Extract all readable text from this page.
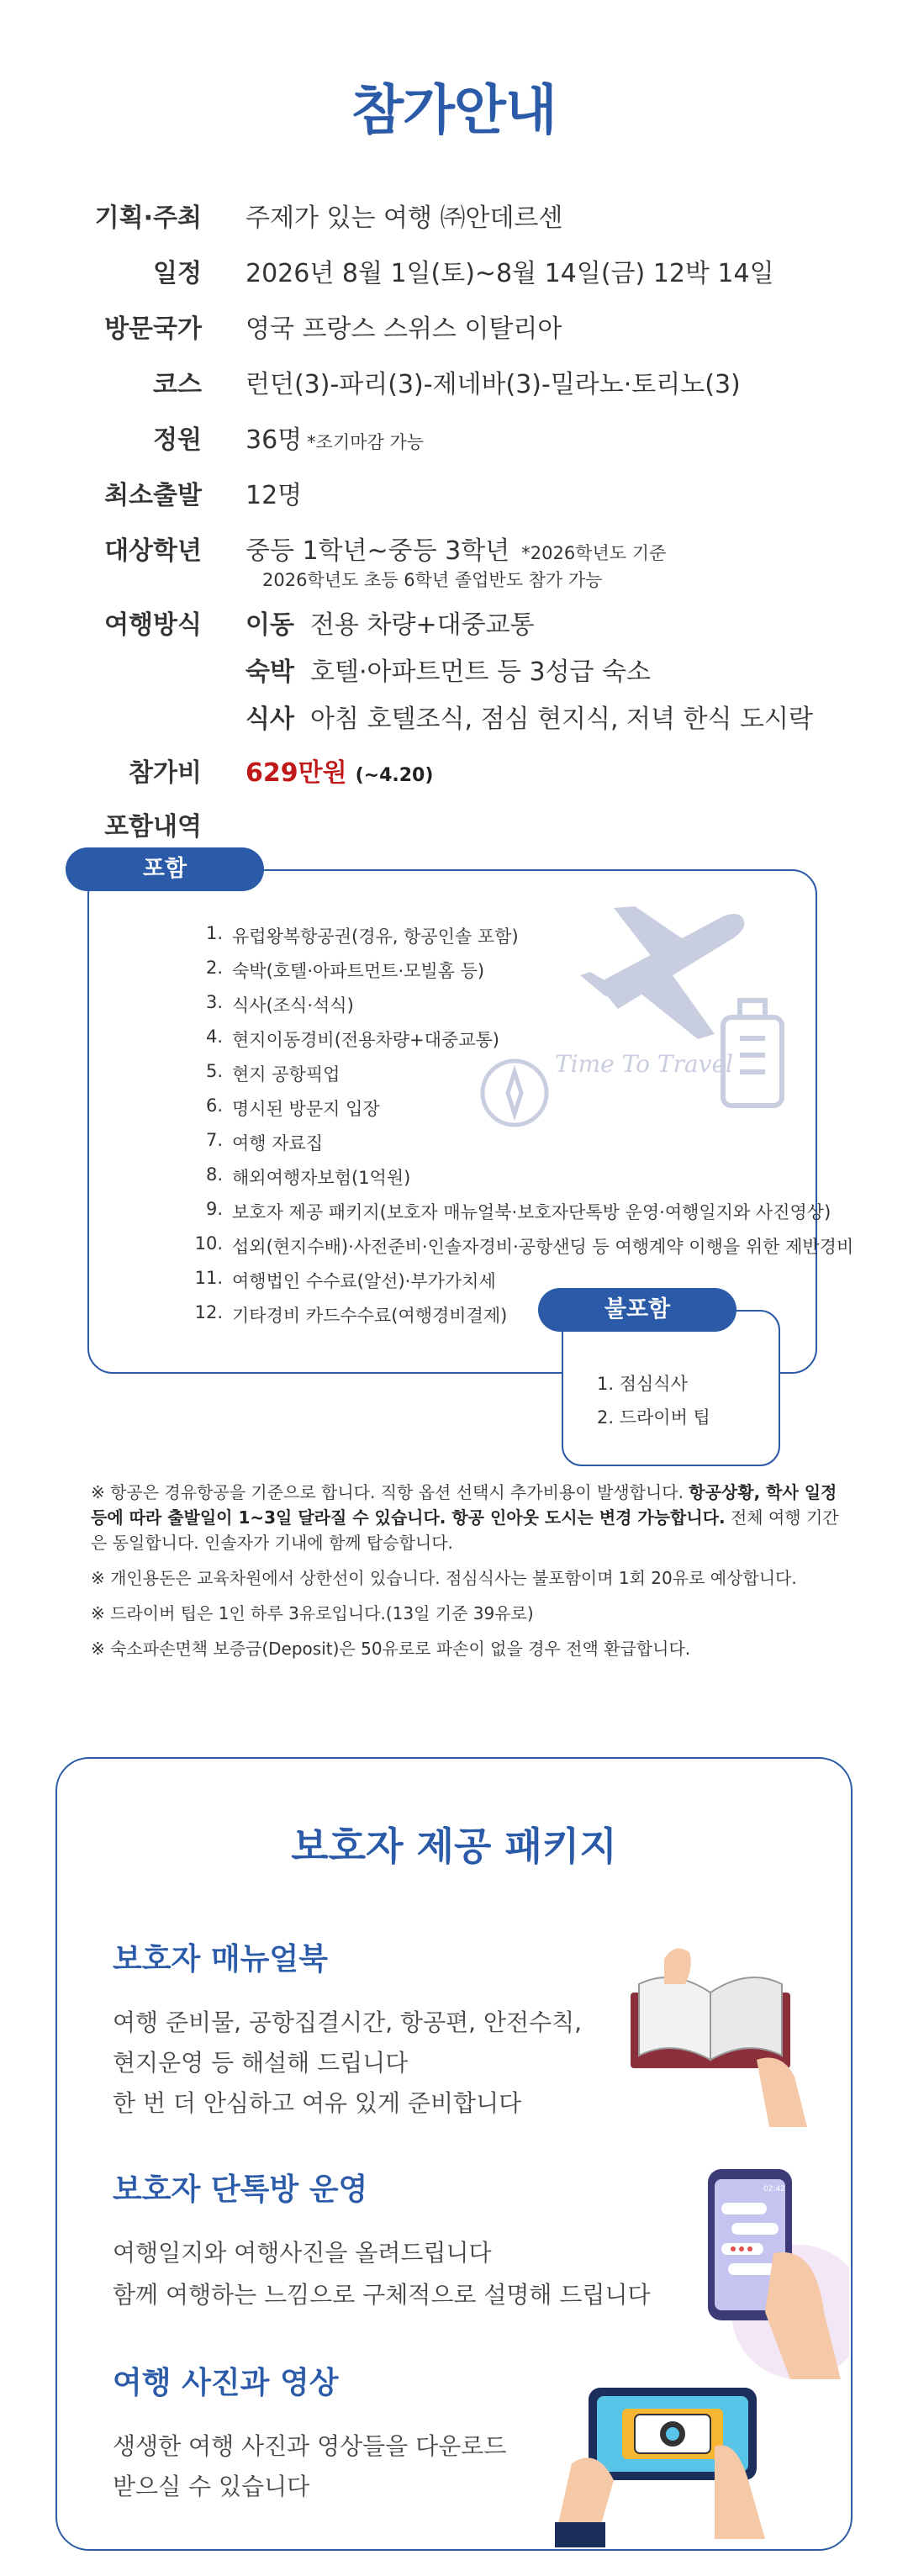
참가안내
기획·주최 주제가 있는 여행 ㈜안데르센
일정 2026년 8월 1일(토)~8월 14일(금) 12박 14일
방문국가 영국 프랑스 스위스 이탈리아
코스 런던(3)-파리(3)-제네바(3)-밀라노·토리노(3)
정원 36명 *조기마감 가능
최소출발 12명
대상학년 중등 1학년~중등 3학년 *2026학년도 기준
2026학년도 초등 6학년 졸업반도 참가 가능
여행방식 이동 전용 차량+대중교통
숙박 호텔·아파트먼트 등 3성급 숙소
식사 아침 호텔조식, 점심 현지식, 저녁 한식 도시락
참가비 629만원 (~4.20)
포함내역
포함
Time To Travel
1. 유럽왕복항공권(경유, 항공인솔 포함)
2. 숙박(호텔·아파트먼트·모빌홈 등)
3. 식사(조식·석식)
4. 현지이동경비(전용차량+대중교통)
5. 현지 공항픽업
6. 명시된 방문지 입장
7. 여행 자료집
8. 해외여행자보험(1억원)
9. 보호자 제공 패키지(보호자 매뉴얼북·보호자단톡방 운영·여행일지와 사진영상)
10. 섭외(현지수배)·사전준비·인솔자경비·공항샌딩 등 여행계약 이행을 위한 제반경비
11. 여행법인 수수료(알선)·부가가치세
12. 기타경비 카드수수료(여행경비결제)	불포함
1. 점심식사
2. 드라이버 팁

※ 항공은 경유항공을 기준으로 합니다. 직항 옵션 선택시 추가비용이 발생합니다. 항공상황, 학사 일정 등에 따라 출발일이 1~3일 달라질 수 있습니다. 항공 인아웃 도시는 변경 가능합니다. 전체 여행 기간은 동일합니다. 인솔자가 기내에 함께 탑승합니다.

※ 개인용돈은 교육차원에서 상한선이 있습니다. 점심식사는 불포함이며 1회 20유로 예상합니다.

※ 드라이버 팁은 1인 하루 3유로입니다.(13일 기준 39유로)

※ 숙소파손면책 보증금(Deposit)은 50유로로 파손이 없을 경우 전액 환급합니다.

보호자 제공 패키지
보호자 매뉴얼북
여행 준비물, 공항집결시간, 항공편, 안전수칙,
현지운영 등 해설해 드립니다
한 번 더 안심하고 여유 있게 준비합니다
보호자 단톡방 운영
여행일지와 여행사진을 올려드립니다
함께 여행하는 느낌으로 구체적으로 설명해 드립니다
여행 사진과 영상
생생한 여행 사진과 영상들을 다운로드
받으실 수 있습니다
02:42
